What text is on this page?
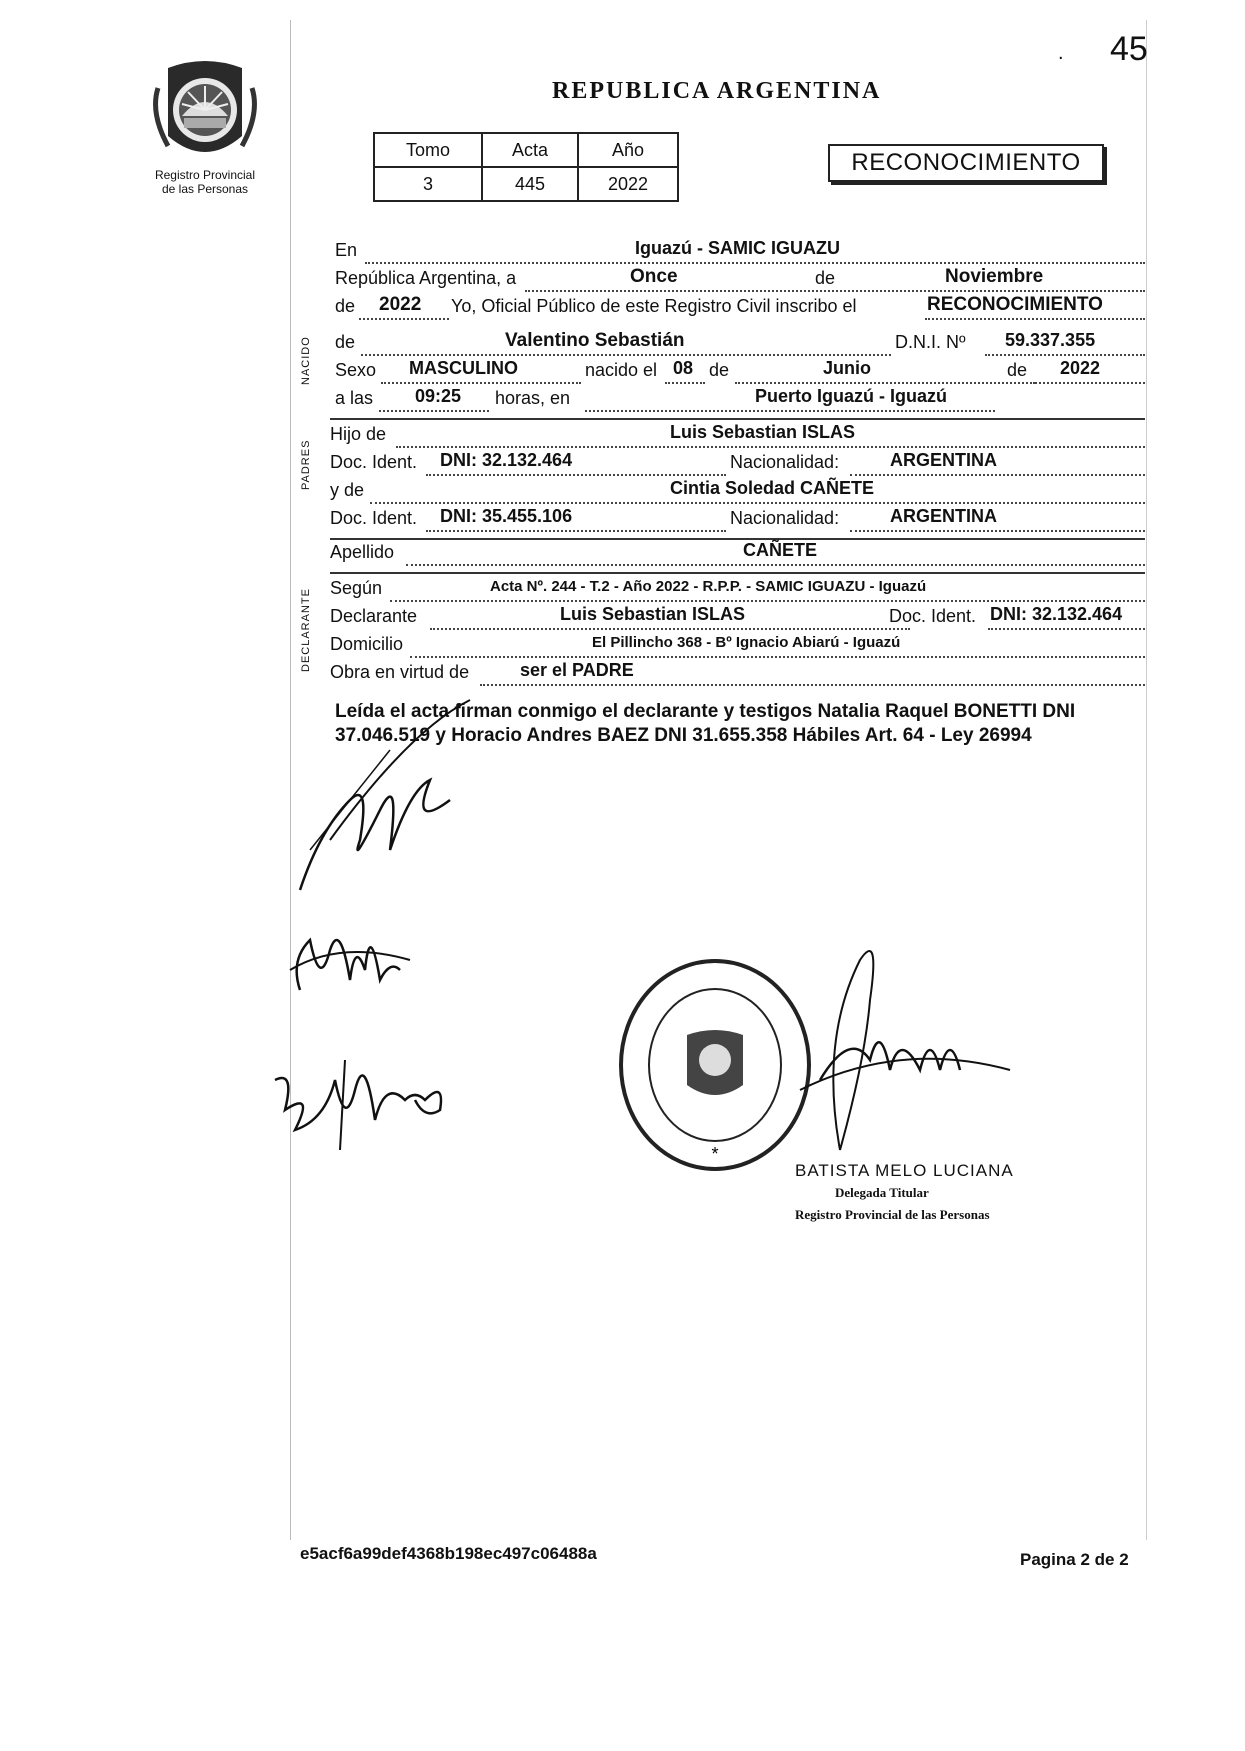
. 45
Registro Provincial
de las Personas
REPUBLICA ARGENTINA
Tomo	Acta	Año
3	445	2022
RECONOCIMIENTO
NACIDO
PADRES
DECLARANTE
En	Iguazú - SAMIC IGUAZU
República Argentina, a	Once	de	Noviembre
de 2022 Yo, Oficial Público de este Registro Civil inscribo el	RECONOCIMIENTO
de	Valentino Sebastián	D.N.I. Nº 59.337.355
Sexo MASCULINO	nacido el 08 de	Junio	de 2022
a las 09:25 horas, en	Puerto Iguazú - Iguazú
Hijo de	Luis Sebastian ISLAS
Doc. Ident. DNI: 32.132.464	Nacionalidad:	ARGENTINA
y de	Cintia Soledad CAÑETE
Doc. Ident. DNI: 35.455.106	Nacionalidad:	ARGENTINA
Apellido	CAÑETE
Según	Acta Nº. 244 - T.2 - Año 2022 - R.P.P. - SAMIC IGUAZU - Iguazú
Declarante	Luis Sebastian ISLAS	Doc. Ident. DNI: 32.132.464
Domicilio	El Pillincho 368 - Bº Ignacio Abiarú - Iguazú
Obra en virtud de	ser el PADRE
Leída el acta firman conmigo el declarante y testigos Natalia Raquel BONETTI DNI
37.046.519 y Horacio Andres BAEZ DNI 31.655.358 Hábiles Art. 64 - Ley 26994
*
BATISTA MELO LUCIANA
Delegada Titular
Registro Provincial de las Personas
e5acf6a99def4368b198ec497c06488a	Pagina 2 de 2
